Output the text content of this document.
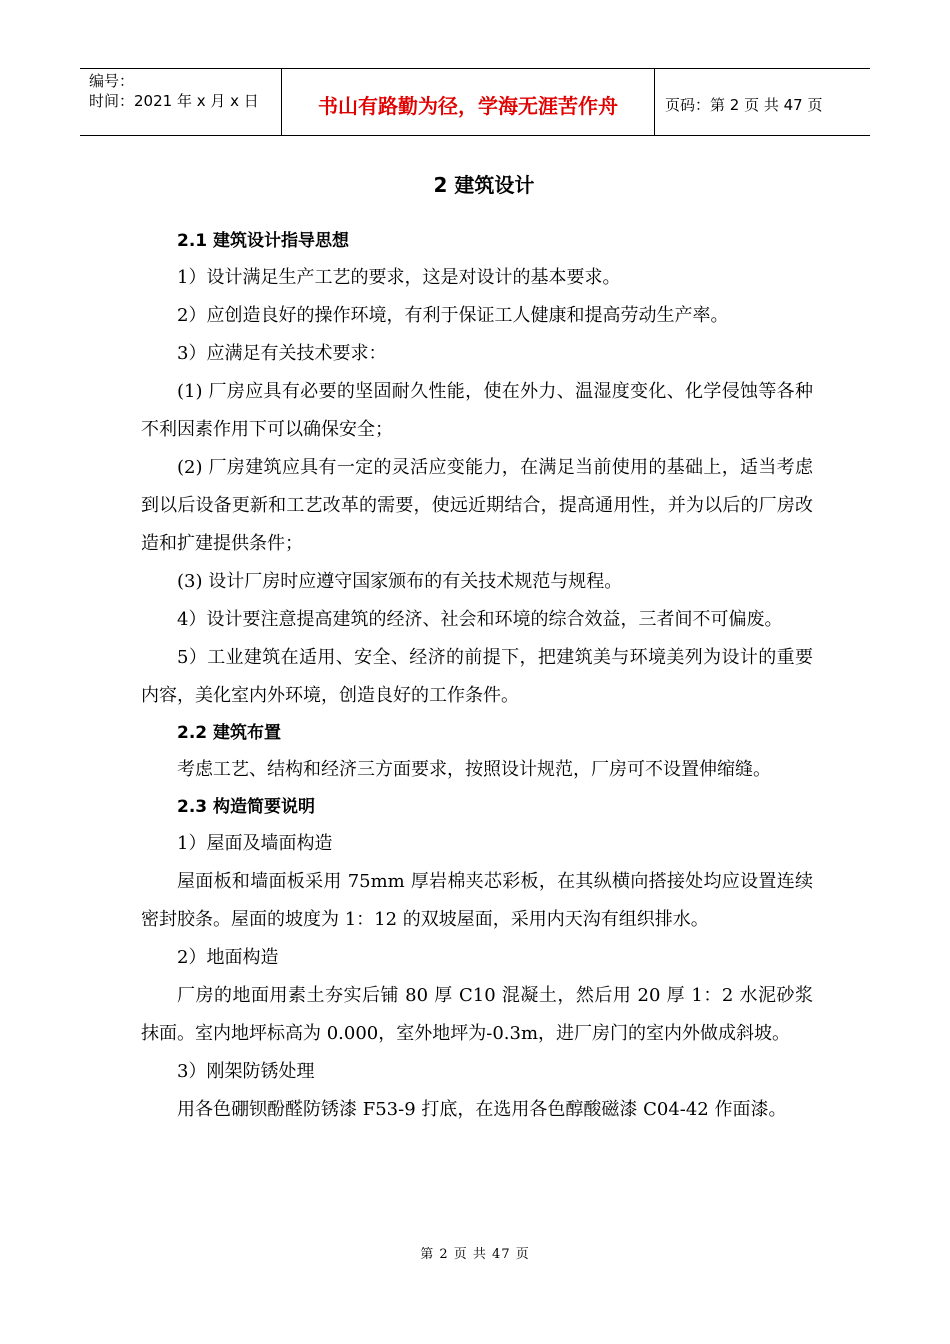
编号：
时间：2021 年 x 月 x 日	书山有路勤为径，学海无涯苦作舟	页码：第 2 页 共 47 页
2 建筑设计
2.1 建筑设计指导思想

1）设计满足生产工艺的要求，这是对设计的基本要求。

2）应创造良好的操作环境，有利于保证工人健康和提高劳动生产率。

3）应满足有关技术要求：

(1) 厂房应具有必要的坚固耐久性能，使在外力、温湿度变化、化学侵蚀等各种不利因素作用下可以确保安全；

(2) 厂房建筑应具有一定的灵活应变能力，在满足当前使用的基础上，适当考虑到以后设备更新和工艺改革的需要，使远近期结合，提高通用性，并为以后的厂房改造和扩建提供条件；

(3) 设计厂房时应遵守国家颁布的有关技术规范与规程。

4）设计要注意提高建筑的经济、社会和环境的综合效益，三者间不可偏废。

5）工业建筑在适用、安全、经济的前提下，把建筑美与环境美列为设计的重要内容，美化室内外环境，创造良好的工作条件。

2.2 建筑布置

考虑工艺、结构和经济三方面要求，按照设计规范，厂房可不设置伸缩缝。

2.3 构造简要说明

1）屋面及墙面构造

屋面板和墙面板采用 75mm 厚岩棉夹芯彩板，在其纵横向搭接处均应设置连续密封胶条。屋面的坡度为 1：12 的双坡屋面，采用内天沟有组织排水。

2）地面构造

厂房的地面用素土夯实后铺 80 厚 C10 混凝土，然后用 20 厚 1：2 水泥砂浆抹面。室内地坪标高为 0.000，室外地坪为-0.3m，进厂房门的室内外做成斜坡。

3）刚架防锈处理

用各色硼钡酚醛防锈漆 F53-9 打底，在选用各色醇酸磁漆 C04-42 作面漆。

第 2 页 共 47 页
